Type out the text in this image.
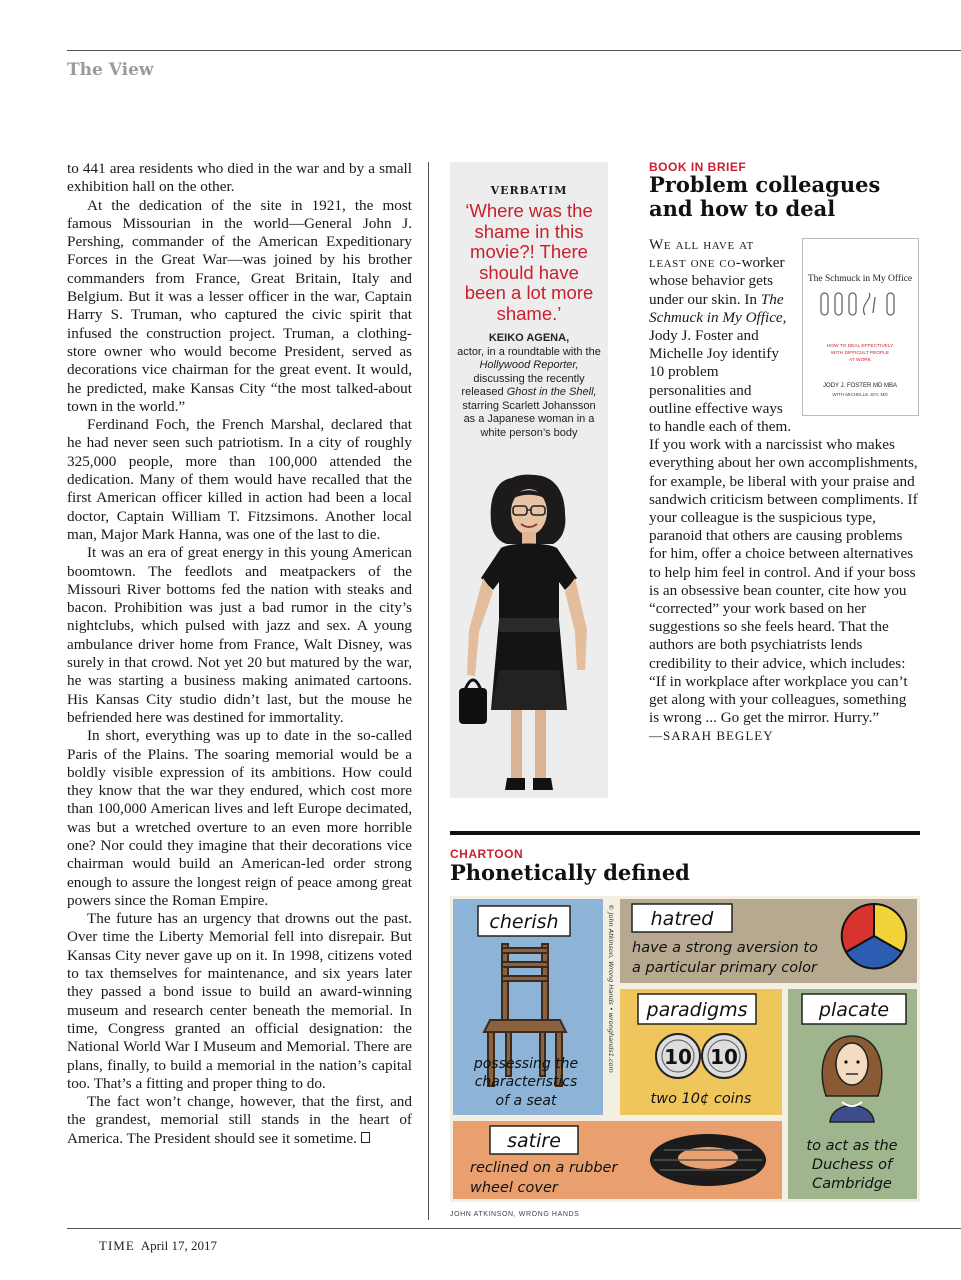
The View

to 441 area residents who died in the war and by a small exhibition hall on the other.

At the dedication of the site in 1921, the most famous Missourian in the world—General John J. Pershing, commander of the American Expeditionary Forces in the Great War—was joined by his brother commanders from France, Great Britain, Italy and Belgium. But it was a lesser officer in the war, Captain Harry S. Truman, who captured the civic spirit that infused the construction project. Truman, a clothing-store owner who would become President, served as decorations vice chairman for the great event. It would, he predicted, make Kansas City “the most talked-about town in the world.”

Ferdinand Foch, the French Marshal, declared that he had never seen such patriotism. In a city of roughly 325,000 people, more than 100,000 attended the dedication. Many of them would have recalled that the first American officer killed in action had been a local doctor, Captain William T. Fitzsimons. Another local man, Major Mark Hanna, was one of the last to die.

It was an era of great energy in this young American boomtown. The feedlots and meatpackers of the Missouri River bottoms fed the nation with steaks and bacon. Prohibition was just a bad rumor in the city’s nightclubs, which pulsed with jazz and sex. A young ambulance driver home from France, Walt Disney, was surely in that crowd. Not yet 20 but matured by the war, he was starting a business making animated cartoons. His Kansas City studio didn’t last, but the mouse he befriended here was destined for immortality.

In short, everything was up to date in the so-called Paris of the Plains. The soaring memorial would be a boldly visible expression of its ambitions. How could they know that the war they endured, which cost more than 100,000 American lives and left Europe decimated, was but a wretched overture to an even more horrible one? Nor could they imagine that their decorations vice chairman would build an American-led order strong enough to assure the longest reign of peace among great powers since the Roman Empire.

The future has an urgency that drowns out the past. Over time the Liberty Memorial fell into disrepair. But Kansas City never gave up on it. In 1998, citizens voted to tax themselves for maintenance, and six years later they passed a bond issue to build an award-winning museum and research center beneath the memorial. In time, Congress granted an official designation: the National World War I Museum and Memorial. There are plans, finally, to build a memorial in the nation’s capital too. That’s a fitting and proper thing to do.

The fact won’t change, however, that the first, and the grandest, memorial still stands in the heart of America. The President should see it sometime.

VERBATIM
‘Where was the shame in this movie?! There should have been a lot more shame.’
KEIKO AGENA,
actor, in a roundtable with the Hollywood Reporter, discussing the recently released Ghost in the Shell, starring Scarlett Johansson as a Japanese woman in a white person’s body
BOOK IN BRIEF
Problem colleagues and how to deal
The Schmuck in My Office
HOW TO DEAL EFFECTIVELY
WITH DIFFICULT PEOPLE
AT WORK
JODY J. FOSTER MD MBA
WITH MICHELLE JOY, MD
We all have at least one co-worker whose behavior gets under our skin. In The Schmuck in My Office, Jody J. Foster and Michelle Joy identify 10 problem personalities and outline effective ways to handle each of them. If you work with a narcissist who makes everything about her own accomplishments, for example, be liberal with your praise and sandwich criticism between compliments. If your colleague is the suspicious type, paranoid that others are causing problems for him, offer a choice between alternatives to help him feel in control. And if your boss is an obsessive bean counter, cite how you “corrected” your work based on her suggestions so she feels heard. That the authors are both psychiatrists lends credibility to their advice, which includes: “If in workplace after workplace you can’t get along with your colleagues, something is wrong ... Go get the mirror. Hurry.”
—SARAH BEGLEY
CHARTOON
Phonetically defined
cherish
possessing the
characteristics
of a seat
© John Atkinson, Wrong Hands • wronghands1.com hatred
have a strong aversion to
a particular primary color
paradigms
10 10
two 10¢ coins
placate
to act as the
Duchess of
Cambridge
satire
reclined on a rubber
wheel cover
JOHN ATKINSON, WRONG HANDS
TIME April 17, 2017
